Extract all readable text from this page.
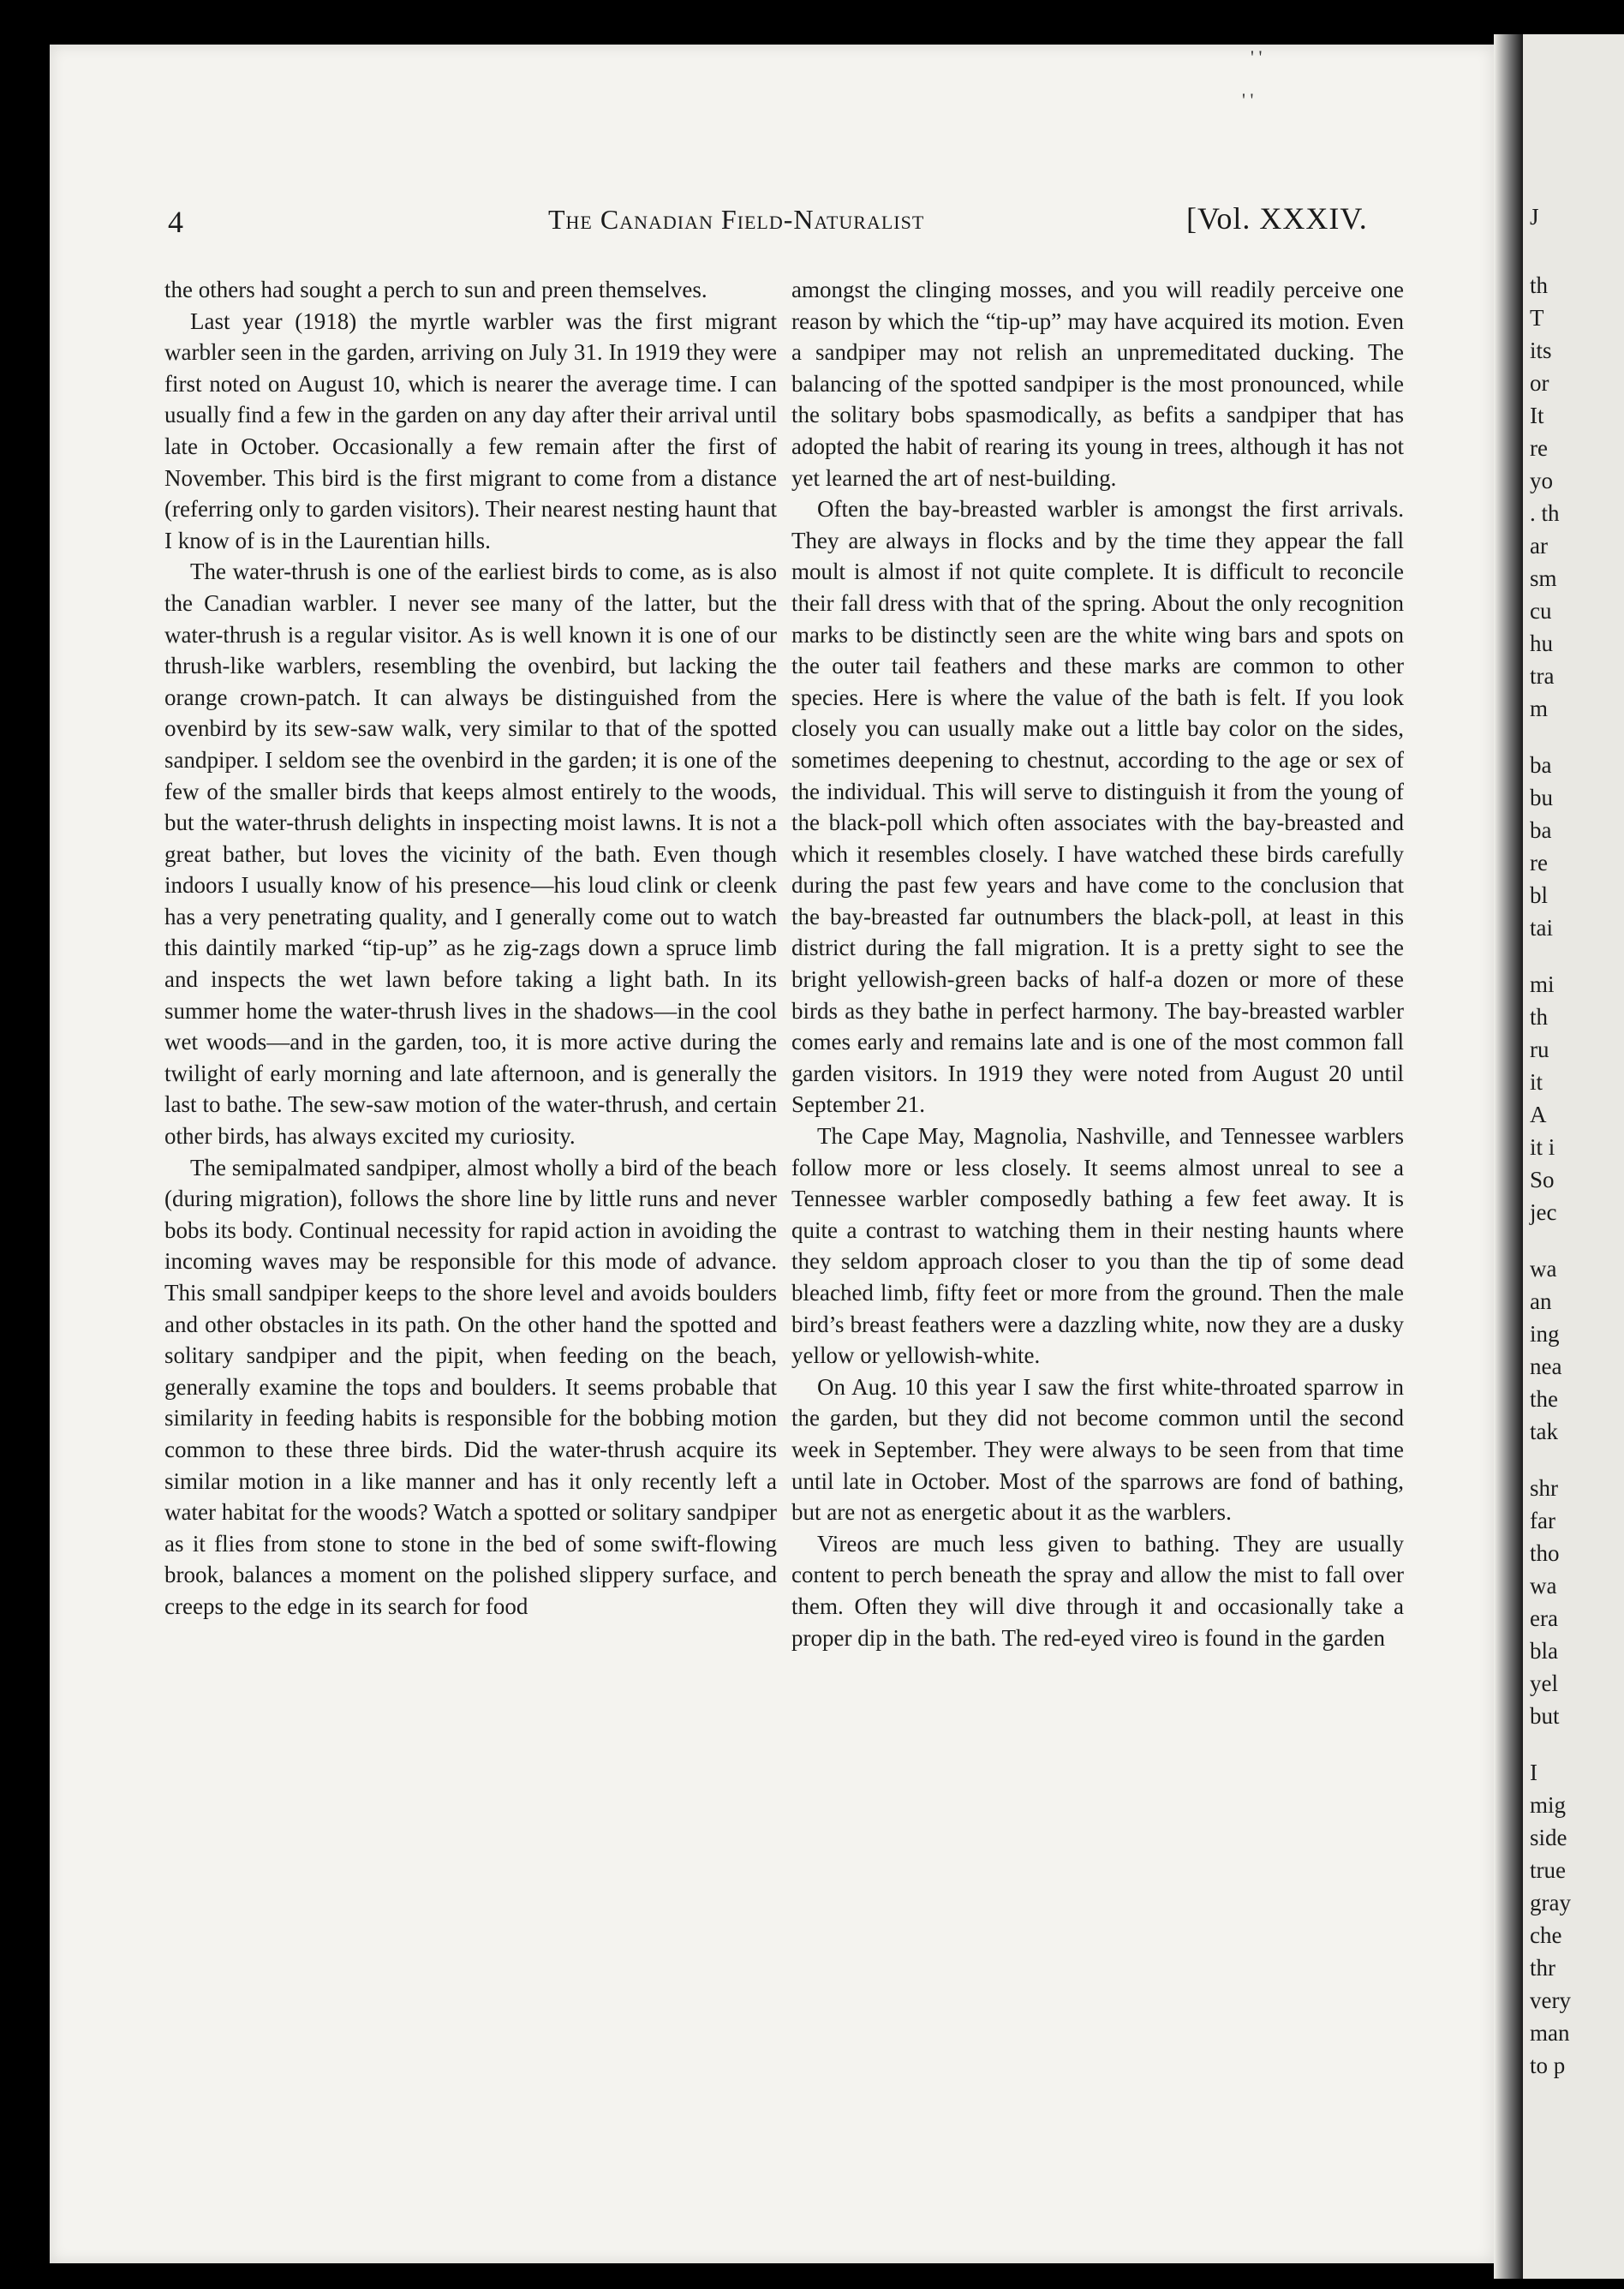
' '
' '
4	The Canadian Field-Naturalist	[Vol. XXXIV.

the others had sought a perch to sun and preen themselves.

Last year (1918) the myrtle warbler was the first migrant warbler seen in the garden, arriving on July 31. In 1919 they were first noted on August 10, which is nearer the average time. I can usually find a few in the garden on any day after their arrival until late in October. Occasionally a few remain after the first of November. This bird is the first migrant to come from a distance (referring only to garden visitors). Their nearest nesting haunt that I know of is in the Laurentian hills.

The water-thrush is one of the earliest birds to come, as is also the Canadian warbler. I never see many of the latter, but the water-thrush is a regular visitor. As is well known it is one of our thrush-like warblers, resembling the ovenbird, but lacking the orange crown-patch. It can always be distinguished from the ovenbird by its sew-saw walk, very similar to that of the spotted sandpiper. I seldom see the ovenbird in the garden; it is one of the few of the smaller birds that keeps almost entirely to the woods, but the water-thrush delights in inspecting moist lawns. It is not a great bather, but loves the vicinity of the bath. Even though indoors I usually know of his presence—his loud clink or cleenk has a very penetrating quality, and I generally come out to watch this daintily marked “tip-up” as he zig-zags down a spruce limb and inspects the wet lawn before taking a light bath. In its summer home the water-thrush lives in the shadows—in the cool wet woods—and in the garden, too, it is more active during the twilight of early morning and late afternoon, and is generally the last to bathe. The sew-saw motion of the water-thrush, and certain other birds, has always excited my curiosity.

The semipalmated sandpiper, almost wholly a bird of the beach (during migration), follows the shore line by little runs and never bobs its body. Continual necessity for rapid action in avoiding the incoming waves may be responsible for this mode of advance. This small sandpiper keeps to the shore level and avoids boulders and other obstacles in its path. On the other hand the spotted and solitary sandpiper and the pipit, when feeding on the beach, generally examine the tops and boulders. It seems probable that similarity in feeding habits is responsible for the bobbing motion common to these three birds. Did the water-thrush acquire its similar motion in a like manner and has it only recently left a water habitat for the woods? Watch a spotted or solitary sandpiper as it flies from stone to stone in the bed of some swift-flowing brook, balances a moment on the polished slippery surface, and creeps to the edge in its search for food

amongst the clinging mosses, and you will readily perceive one reason by which the “tip-up” may have acquired its motion. Even a sandpiper may not relish an unpremeditated ducking. The balancing of the spotted sandpiper is the most pronounced, while the solitary bobs spasmodically, as befits a sandpiper that has adopted the habit of rearing its young in trees, although it has not yet learned the art of nest-building.

Often the bay-breasted warbler is amongst the first arrivals. They are always in flocks and by the time they appear the fall moult is almost if not quite complete. It is difficult to reconcile their fall dress with that of the spring. About the only recognition marks to be distinctly seen are the white wing bars and spots on the outer tail feathers and these marks are common to other species. Here is where the value of the bath is felt. If you look closely you can usually make out a little bay color on the sides, sometimes deepening to chestnut, according to the age or sex of the individual. This will serve to distinguish it from the young of the black-poll which often associates with the bay-breasted and which it resembles closely. I have watched these birds carefully during the past few years and have come to the conclusion that the bay-breasted far outnumbers the black-poll, at least in this district during the fall migration. It is a pretty sight to see the bright yellowish-green backs of half-a dozen or more of these birds as they bathe in perfect harmony. The bay-breasted warbler comes early and remains late and is one of the most common fall garden visitors. In 1919 they were noted from August 20 until September 21.

The Cape May, Magnolia, Nashville, and Tennessee warblers follow more or less closely. It seems almost unreal to see a Tennessee warbler composedly bathing a few feet away. It is quite a contrast to watching them in their nesting haunts where they seldom approach closer to you than the tip of some dead bleached limb, fifty feet or more from the ground. Then the male bird’s breast feathers were a dazzling white, now they are a dusky yellow or yellowish-white.

On Aug. 10 this year I saw the first white-throated sparrow in the garden, but they did not become common until the second week in September. They were always to be seen from that time until late in October. Most of the sparrows are fond of bathing, but are not as energetic about it as the warblers.

Vireos are much less given to bathing. They are usually content to perch beneath the spray and allow the mist to fall over them. Often they will dive through it and occasionally take a proper dip in the bath. The red-eyed vireo is found in the garden

J
th
T
its
or
It
re
yo
. th
ar
sm
cu
hu
tra
m
ba
bu
ba
re
bl
tai
mi
th
ru
it
A
it i
So
jec
wa
an
ing
nea
the
tak
shr
far
tho
wa
era
bla
yel
but
I
mig
side
true
gray
che
thr
very
man
to p
